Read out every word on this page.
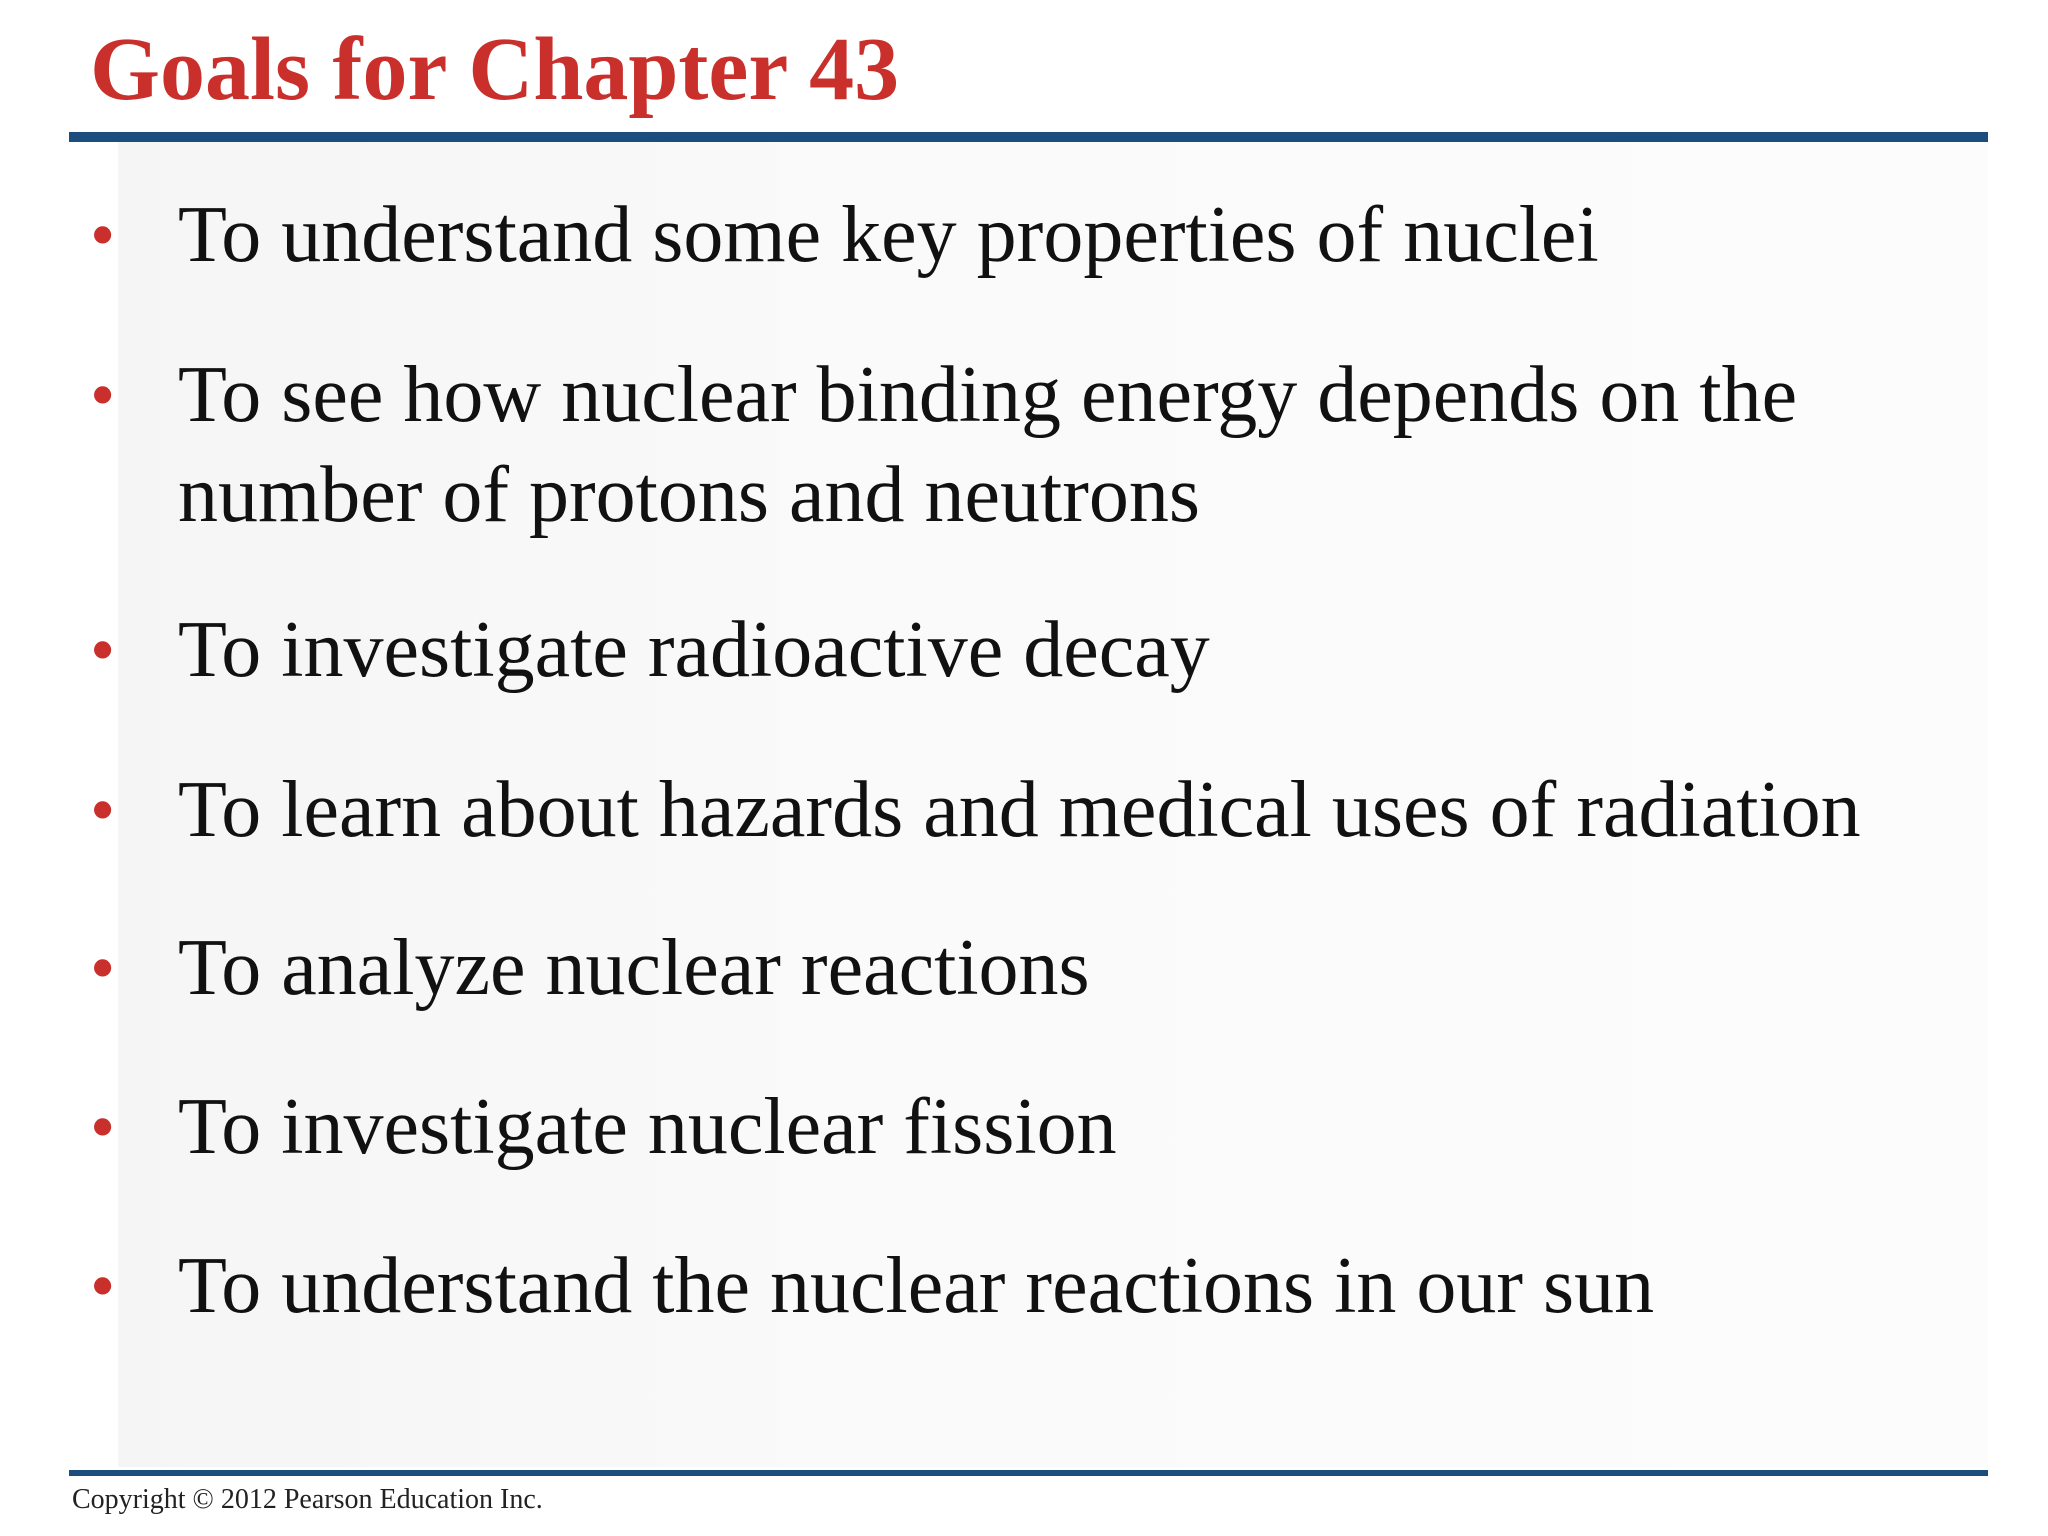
Goals for Chapter 43
• To understand some key properties of nuclei
• To see how nuclear binding energy depends on the number of protons and neutrons
• To investigate radioactive decay
• To learn about hazards and medical uses of radiation
• To analyze nuclear reactions
• To investigate nuclear fission
• To understand the nuclear reactions in our sun
Copyright © 2012 Pearson Education Inc.
